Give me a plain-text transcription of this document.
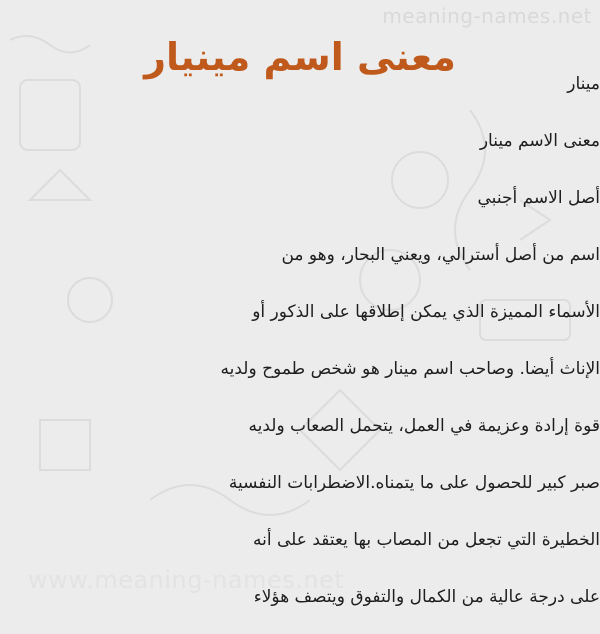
meaning-names.net
معنى اسم مينيار
مينار
معنى الاسم مينار
أصل الاسم أجنبي
اسم من أصل أسترالي، ويعني البحار، وهو من
الأسماء المميزة الذي يمكن إطلاقها على الذكور أو
الإناث أيضا. وصاحب اسم مينار هو شخص طموح ولديه
قوة إرادة وعزيمة في العمل، يتحمل الصعاب ولديه
صبر كبير للحصول على ما يتمناه.الاضطرابات النفسية
الخطيرة التي تجعل من المصاب بها يعتقد على أنه
على درجة عالية من الكمال والتفوق ويتصف هؤلاء
www.meaning-names.net
